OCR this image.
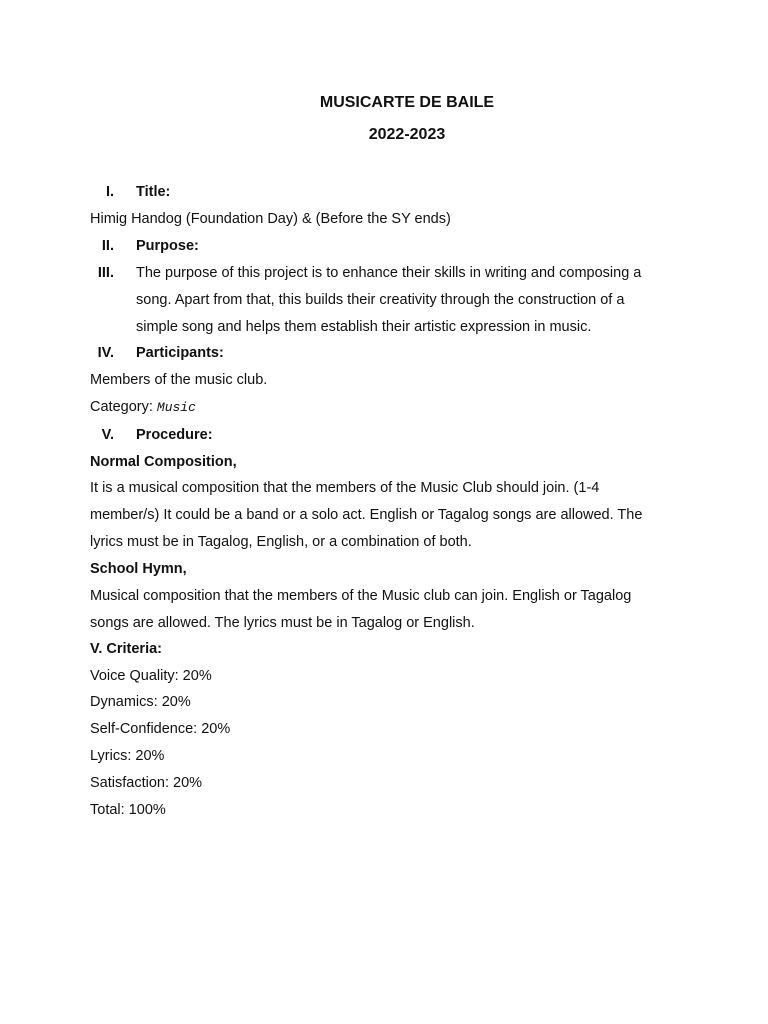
MUSICARTE DE BAILE
2022-2023
I. Title:
Himig Handog (Foundation Day) & (Before the SY ends)
II. Purpose:
III. The purpose of this project is to enhance their skills in writing and composing a
song. Apart from that, this builds their creativity through the construction of a
simple song and helps them establish their artistic expression in music.
IV. Participants:
Members of the music club.
Category: Music
V. Procedure:
Normal Composition,
It is a musical composition that the members of the Music Club should join. (1-4
member/s) It could be a band or a solo act. English or Tagalog songs are allowed. The
lyrics must be in Tagalog, English, or a combination of both.
School Hymn,
Musical composition that the members of the Music club can join. English or Tagalog
songs are allowed. The lyrics must be in Tagalog or English.
V. Criteria:
Voice Quality: 20%
Dynamics: 20%
Self-Confidence: 20%
Lyrics: 20%
Satisfaction: 20%
Total: 100%
